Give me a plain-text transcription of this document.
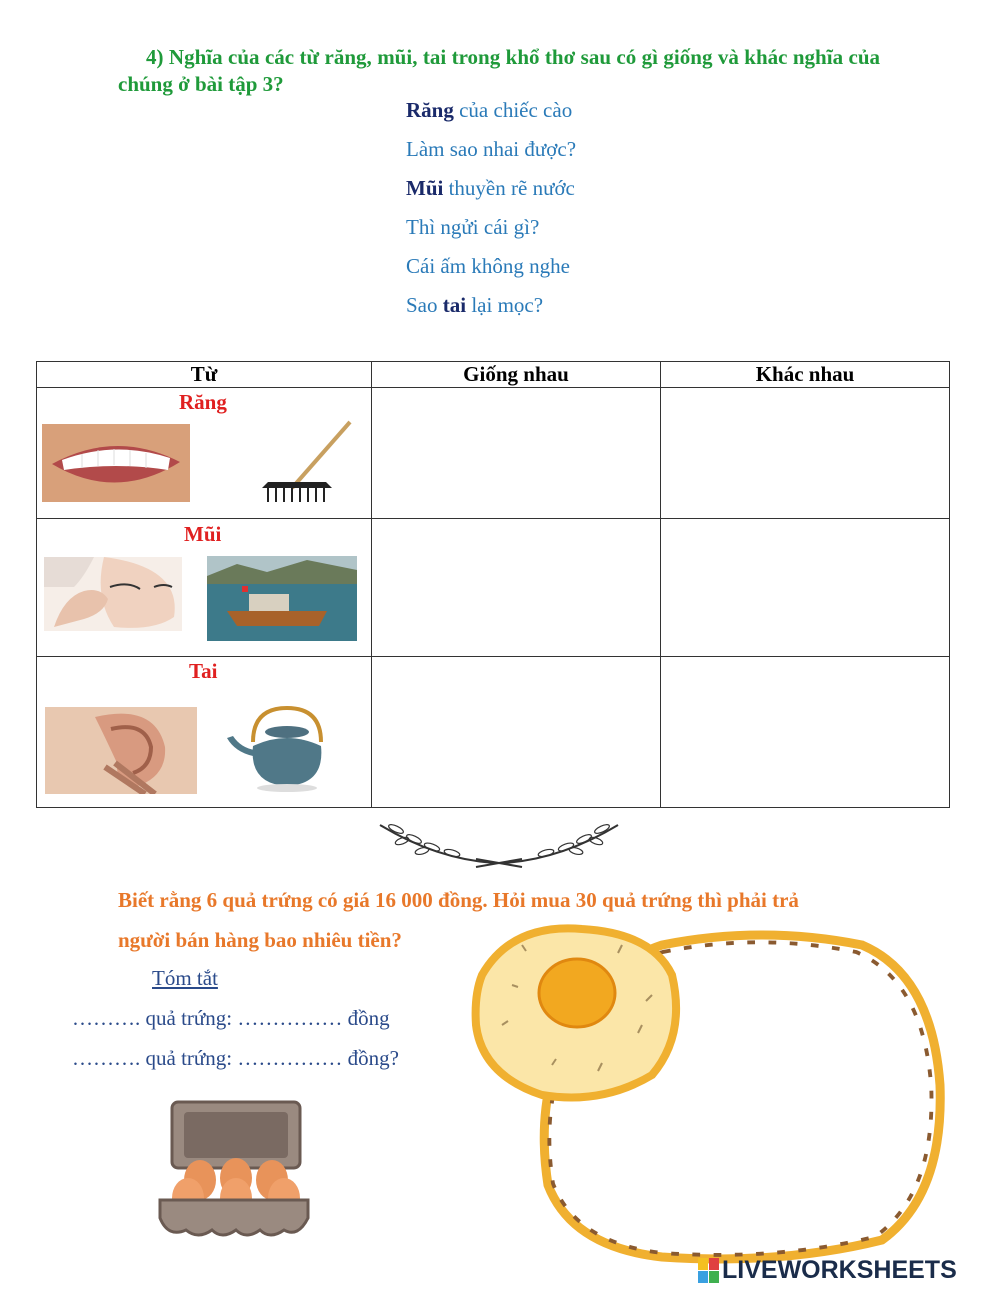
4) Nghĩa của các từ răng, mũi, tai trong khổ thơ sau có gì giống và khác nghĩa của chúng ở bài tập 3?
Răng của chiếc cào
Làm sao nhai được?
Mũi thuyền rẽ nước
Thì ngửi cái gì?
Cái ấm không nghe
Sao tai lại mọc?
Từ	Giống nhau	Khác nhau

Răng		

Mũi		

Tai		

Biết rằng 6 quả trứng có giá 16 000 đồng. Hỏi mua 30 quả trứng thì phải trả
người bán hàng bao nhiêu tiền?
Tóm tắt
………. quả trứng: …………… đồng
………. quả trứng: …………… đồng?
LIVEWORKSHEETS
